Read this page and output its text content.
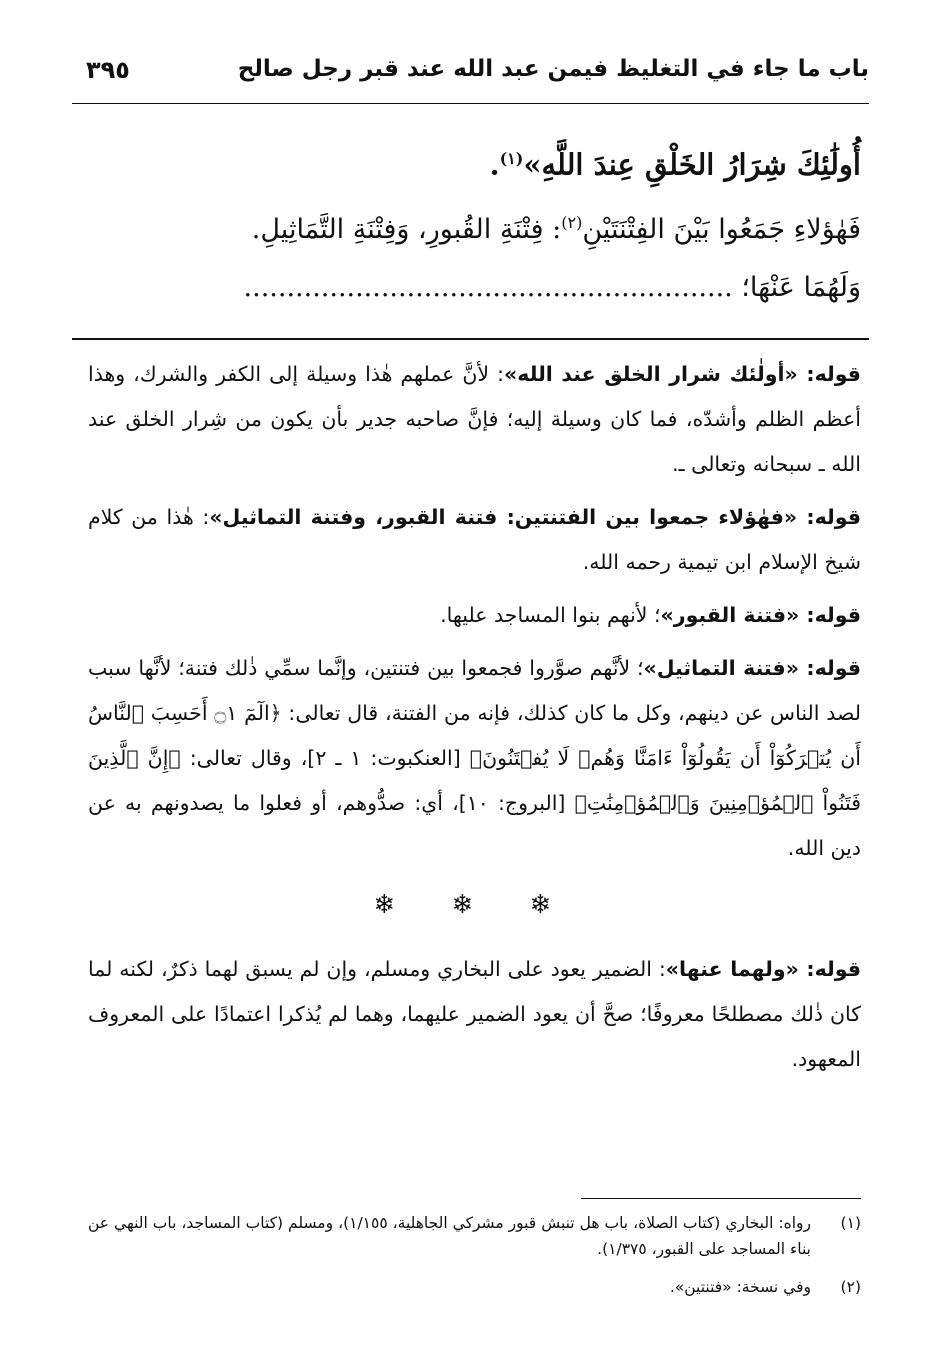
باب ما جاء في التغليظ فيمن عبد الله عند قبر رجل صالح
٣٩٥
أُولَٰئِكَ شِرَارُ الخَلْقِ عِندَ اللَّهِ»$^{(١)}$.
فَهٰؤلاءِ جَمَعُوا بَيْنَ الفِتْنَتَيْنِ$^{(٢)}$: فِتْنَةِ القُبورِ، وَفِتْنَةِ التَّمَاثِيلِ.
وَلَهُمَا عَنْهَا؛ .........................................................

قوله: «أولٰئك شرار الخلق عند الله»: لأنَّ عملهم هٰذا وسيلة إلى الكفر والشرك، وهذا أعظم الظلم وأشدّه، فما كان وسيلة إليه؛ فإنَّ صاحبه جدير بأن يكون من شِرار الخلق عند الله ـ سبحانه وتعالى ـ.

قوله: «فهٰؤلاء جمعوا بين الفتنتين: فتنة القبور، وفتنة التماثيل»: هٰذا من كلام شيخ الإسلام ابن تيمية رحمه الله.

قوله: «فتنة القبور»؛ لأنهم بنوا المساجد عليها.

قوله: «فتنة التماثيل»؛ لأنَّهم صوَّروا فجمعوا بين فتنتين، وإنَّما سمِّي ذٰلك فتنة؛ لأنَّها سبب لصد الناس عن دينهم، وكل ما كان كذلك، فإنه من الفتنة، قال تعالى: ﴿الٓمٓ ۝١ أَحَسِبَ ٱلنَّاسُ أَن يُتۡرَكُوٓاْ أَن يَقُولُوٓاْ ءَامَنَّا وَهُمۡ لَا يُفۡتَنُونَ﴾ [العنكبوت: ١ ـ ٢]، وقال تعالى: ﴿إِنَّ ٱلَّذِينَ فَتَنُواْ ٱلۡمُؤۡمِنِينَ وَٱلۡمُؤۡمِنَٰتِ﴾ [البروج: ١٠]، أي: صدُّوهم، أو فعلوا ما يصدونهم به عن دين الله.

❄ ❄ ❄

قوله: «ولهما عنها»: الضمير يعود على البخاري ومسلم، وإن لم يسبق لهما ذكرٌ، لكنه لما كان ذٰلك مصطلحًا معروفًا؛ صحَّ أن يعود الضمير عليهما، وهما لم يُذكرا اعتمادًا على المعروف المعهود.

(١)
رواه: البخاري (كتاب الصلاة، باب هل تنبش قبور مشركي الجاهلية، ١/١٥٥)، ومسلم (كتاب المساجد، باب النهي عن بناء المساجد على القبور، ١/٣٧٥).
(٢)
وفي نسخة: «فتنتين».
